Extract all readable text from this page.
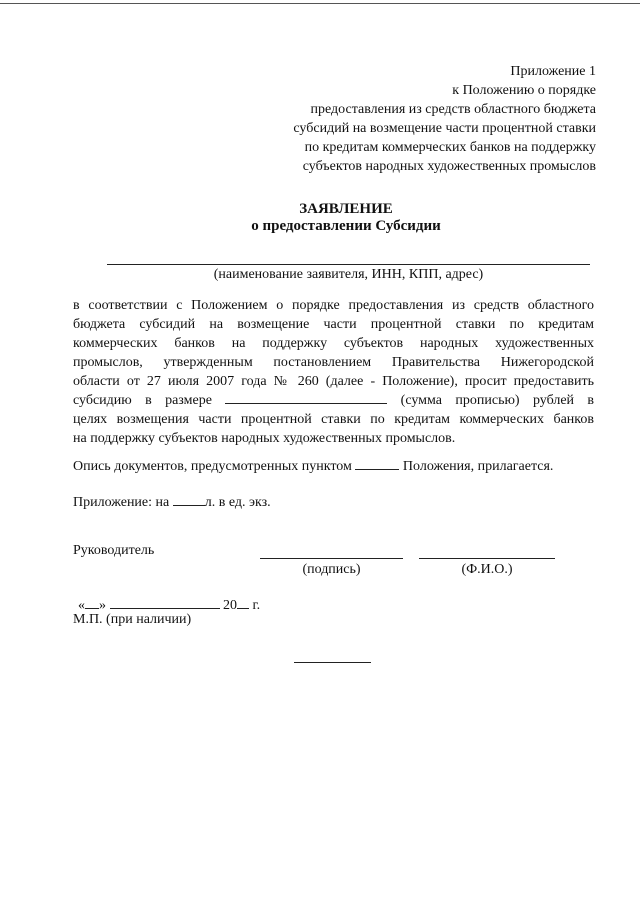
Приложение 1
к Положению о порядке
предоставления из средств областного бюджета
субсидий на возмещение части процентной ставки
по кредитам коммерческих банков на поддержку
субъектов народных художественных промыслов
ЗАЯВЛЕНИЕ
о предоставлении Субсидии
(наименование заявителя, ИНН, КПП, адрес)
в соответствии с Положением о порядке предоставления из средств областного
бюджета субсидий на возмещение части процентной ставки по кредитам
коммерческих банков на поддержку субъектов народных художественных
промыслов, утвержденным постановлением Правительства Нижегородской
области от 27 июля 2007 года № 260 (далее - Положение), просит предоставить
субсидию в размере	(сумма прописью) рублей в
целях возмещения части процентной ставки по кредитам коммерческих банков
на поддержку субъектов народных художественных промыслов.
Опись документов, предусмотренных пунктом	Положения, прилагается.
Приложение: на	л. в ед. экз.
Руководитель
(подпись)	(Ф.И.О.)
« »	20 г.
М.П. (при наличии)
